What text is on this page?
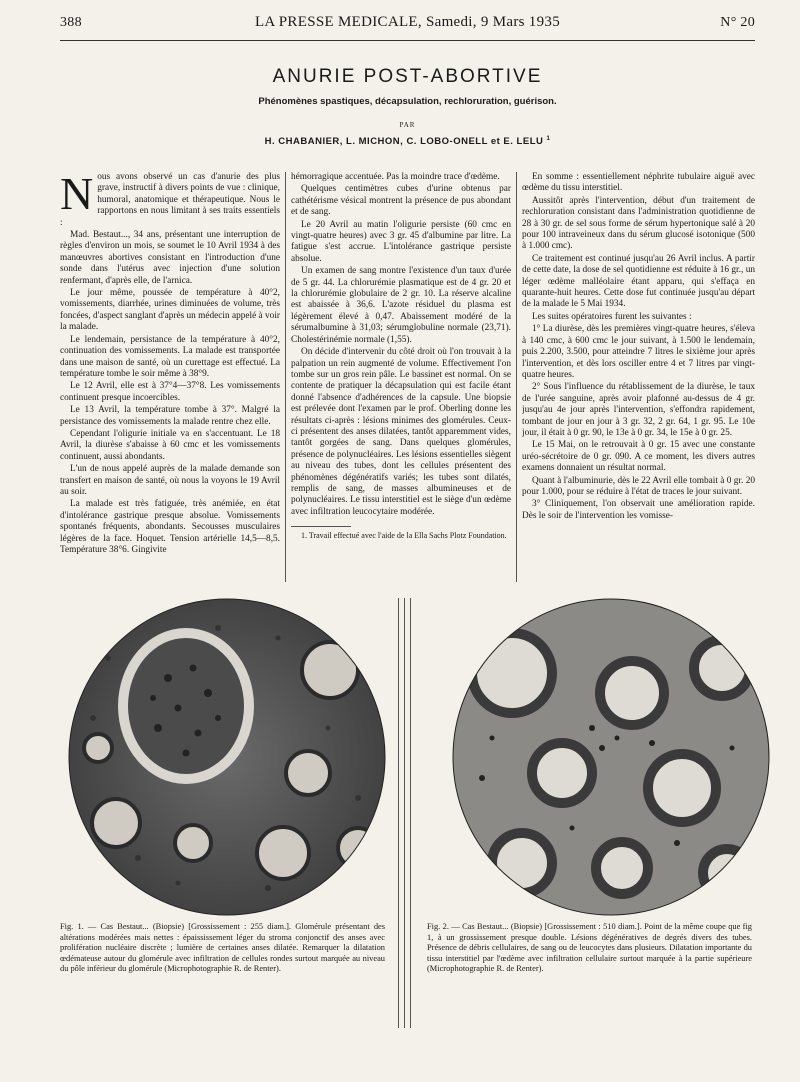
388	LA PRESSE MEDICALE, Samedi, 9 Mars 1935	N° 20
ANURIE POST-ABORTIVE
Phénomènes spastiques, décapsulation, rechloruration, guérison.
PAR
H. CHABANIER, L. MICHON, C. LOBO-ONELL et E. LELU $^1$

Nous avons observé un cas d'anurie des plus grave, instructif à divers points de vue : clinique, humoral, anatomique et thérapeutique. Nous le rapportons en nous limitant à ses traits essentiels :

Mad. Bestaut..., 34 ans, présentant une interruption de règles d'environ un mois, se soumet le 10 Avril 1934 à des manœuvres abortives consistant en l'introduction d'une sonde dans l'utérus avec injection d'une solution renfermant, d'après elle, de l'arnica.

Le jour même, poussée de température à 40°2, vomissements, diarrhée, urines diminuées de volume, très foncées, d'aspect sanglant d'après un médecin appelé à voir la malade.

Le lendemain, persistance de la température à 40°2, continuation des vomissements. La malade est transportée dans une maison de santé, où un curettage est effectué. La température tombe le soir même à 38°9.

Le 12 Avril, elle est à 37°4—37°8. Les vomissements continuent presque incoercibles.

Le 13 Avril, la température tombe à 37°. Malgré la persistance des vomissements la malade rentre chez elle.

Cependant l'oligurie initiale va en s'accentuant. Le 18 Avril, la diurèse s'abaisse à 60 cmc et les vomissements continuent, aussi abondants.

L'un de nous appelé auprès de la malade demande son transfert en maison de santé, où nous la voyons le 19 Avril au soir.

La malade est très fatiguée, très anémiée, en état d'intolérance gastrique presque absolue. Vomissements spontanés fréquents, abondants. Secousses musculaires légères de la face. Hoquet. Tension artérielle 14,5—8,5. Température 38°6. Gingivite

hémorragique accentuée. Pas la moindre trace d'œdème.

Quelques centimètres cubes d'urine obtenus par cathétérisme vésical montrent la présence de pus abondant et de sang.

Le 20 Avril au matin l'oligurie persiste (60 cmc en vingt-quatre heures) avec 3 gr. 45 d'albumine par litre. La fatigue s'est accrue. L'intolérance gastrique persiste absolue.

Un examen de sang montre l'existence d'un taux d'urée de 5 gr. 44. La chlorurémie plasmatique est de 4 gr. 20 et la chlorurémie globulaire de 2 gr. 10. La réserve alcaline est abaissée à 36,6. L'azote résiduel du plasma est légèrement élevé à 0,47. Abaissement modéré de la sérumalbumine à 31,03; sérumglobuline normale (23,71). Cholestérinémie normale (1,55).

On décide d'intervenir du côté droit où l'on trouvait à la palpation un rein augmenté de volume. Effectivement l'on tombe sur un gros rein pâle. Le bassinet est normal. On se contente de pratiquer la décapsulation qui est facile étant donné l'absence d'adhérences de la capsule. Une biopsie est prélevée dont l'examen par le prof. Oberling donne les résultats ci-après : lésions minimes des glomérules. Ceux-ci présentent des anses dilatées, tantôt apparemment vides, tantôt gorgées de sang. Dans quelques glomérules, présence de polynucléaires. Les lésions essentielles siègent au niveau des tubes, dont les cellules présentent des phénomènes dégénératifs variés; les tubes sont dilatés, remplis de sang, de masses albumineuses et de polynucléaires. Le tissu interstitiel est le siège d'un œdème avec infiltration leucocytaire modérée.

1. Travail effectué avec l'aide de la Ella Sachs Plotz Foundation.

En somme : essentiellement néphrite tubulaire aiguë avec œdème du tissu interstitiel.

Aussitôt après l'intervention, début d'un traitement de rechloruration consistant dans l'administration quotidienne de 28 à 30 gr. de sel sous forme de sérum hypertonique salé à 20 pour 100 intraveineux dans du sérum glucosé isotonique (500 à 1.000 cmc).

Ce traitement est continué jusqu'au 26 Avril inclus. A partir de cette date, la dose de sel quotidienne est réduite à 16 gr., un léger œdème malléolaire étant apparu, qui s'effaça en quarante-huit heures. Cette dose fut continuée jusqu'au départ de la malade le 5 Mai 1934.

Les suites opératoires furent les suivantes :

1° La diurèse, dès les premières vingt-quatre heures, s'éleva à 140 cmc, à 600 cmc le jour suivant, à 1.500 le lendemain, puis 2.200, 3.500, pour atteindre 7 litres le sixième jour après l'intervention, et dès lors osciller entre 4 et 7 litres par vingt-quatre heures.

2° Sous l'influence du rétablissement de la diurèse, le taux de l'urée sanguine, après avoir plafonné au-dessus de 4 gr. jusqu'au 4e jour après l'intervention, s'effondra rapidement, tombant de jour en jour à 3 gr. 32, 2 gr. 64, 1 gr. 95. Le 10e jour, il était à 0 gr. 90, le 13e à 0 gr. 34, le 15e à 0 gr. 25.

Le 15 Mai, on le retrouvait à 0 gr. 15 avec une constante uréo-sécrétoire de 0 gr. 090. A ce moment, les divers autres examens donnaient un résultat normal.

Quant à l'albuminurie, dès le 22 Avril elle tombait à 0 gr. 20 pour 1.000, pour se réduire à l'état de traces le jour suivant.

3° Cliniquement, l'on observait une amélioration rapide. Dès le soir de l'intervention les vomisse-

Fig. 1. — Cas Bestaut... (Biopsie) [Grossissement : 255 diam.]. Glomérule présentant des altérations modérées mais nettes : épaississement léger du stroma conjonctif des anses avec prolifération nucléaire discrète ; lumière de certaines anses dilatée. Remarquer la dilatation œdémateuse autour du glomérule avec infiltration de cellules rondes surtout marquée au niveau du pôle inférieur du glomérule (Microphotographie R. de Renter).
Fig. 2. — Cas Bestaut... (Biopsie) [Grossissement : 510 diam.]. Point de la même coupe que fig 1, à un grossissement presque double. Lésions dégénératives de degrés divers des tubes. Présence de débris cellulaires, de sang ou de leucocytes dans plusieurs. Dilatation importante du tissu interstitiel par l'œdème avec infiltration cellulaire surtout marquée à la partie supérieure (Microphotographie R. de Renter).
